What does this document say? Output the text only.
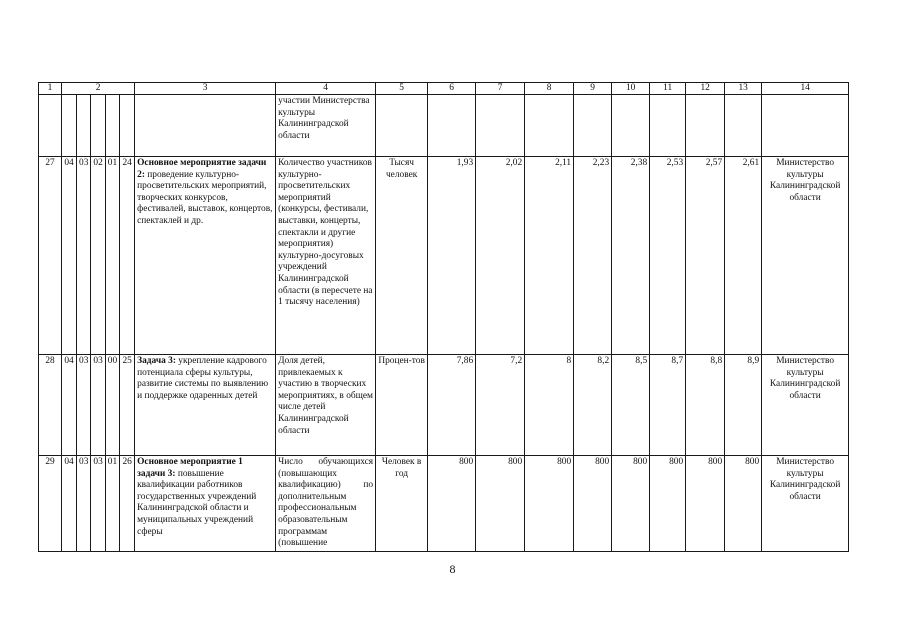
1	2					3	4	5	6	7	8	9	10	11	12	13	14
							участии Министерства культуры Калининградской области										
27	04	03	02	01	24	Основное мероприятие задачи 2: проведение культурно-просветительских мероприятий, творческих конкурсов, фестивалей, выставок, концертов, спектаклей и др.	Количество участников культурно-просветительских мероприятий (конкурсы, фестивали, выставки, концерты, спектакли и другие мероприятия) культурно-досуговых учреждений Калининградской области (в пересчете на 1 тысячу населения)	Тысяч человек	1,93	2,02	2,11	2,23	2,38	2,53	2,57	2,61	Министерство культуры Калининградской области
28	04	03	03	00	25	Задача 3: укрепление кадрового потенциала сферы культуры, развитие системы по выявлению и поддержке одаренных детей	Доля детей, привлекаемых к участию в творческих мероприятиях, в общем числе детей Калининградской области	Процен-тов	7,86	7,2	8	8,2	8,5	8,7	8,8	8,9	Министерство культуры Калининградской области
29	04	03	03	01	26	Основное мероприятие 1 задачи 3: повышение квалификации работников государственных учреждений Калининградской области и муниципальных учреждений сферы	Число обучающихся (повышающих квалификацию) по дополнительным профессиональным образовательным программам (повышение	Человек в год	800	800	800	800	800	800	800	800	Министерство культуры Калининградской области
8
